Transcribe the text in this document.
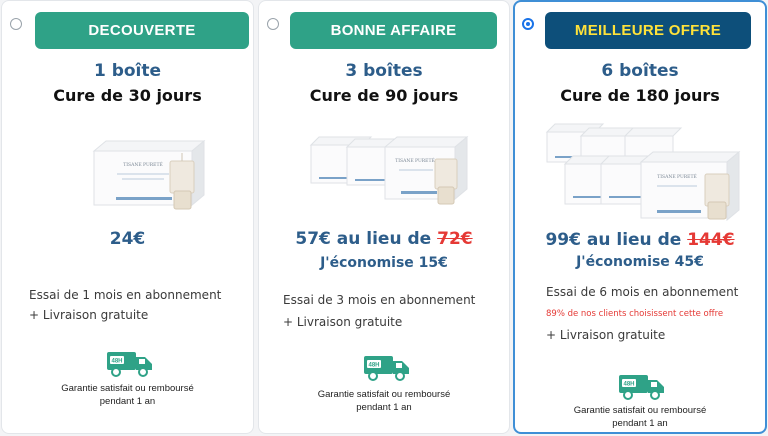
DECOUVERTE
1 boîte
Cure de 30 jours
TISANE PURETÉ
24€
Essai de 1 mois en abonnement
+ Livraison gratuite
48H
Garantie satisfait ou remboursé
pendant 1 an
BONNE AFFAIRE
3 boîtes
Cure de 90 jours
TISANE PURETÉ
57€ au lieu de 72€
J'économise 15€
Essai de 3 mois en abonnement
+ Livraison gratuite
48H
Garantie satisfait ou remboursé
pendant 1 an
MEILLEURE OFFRE
6 boîtes
Cure de 180 jours
TISANE PURETÉ
99€ au lieu de 144€
J'économise 45€
Essai de 6 mois en abonnement
89% de nos clients choisissent cette offre
+ Livraison gratuite
48H
Garantie satisfait ou remboursé
pendant 1 an
